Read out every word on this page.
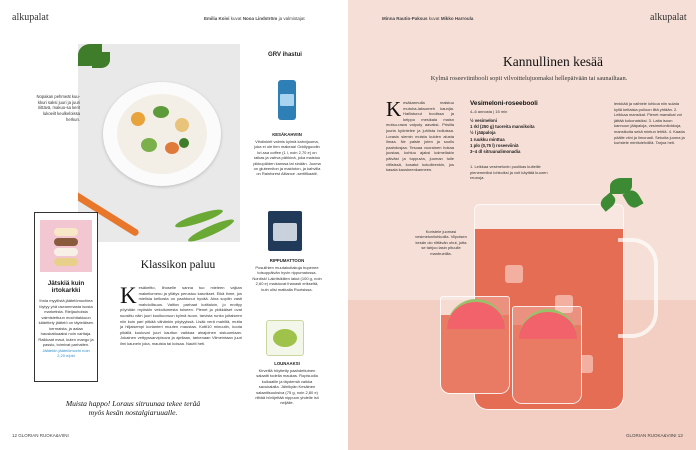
alkupalat	Emilia Koivi kuvat Nooa Lindström ja valmistajat
Nopakan pehmeät kuu-kkuri saksi juuri ja juuri riittävä, makuo-sa kerit lukoeilt keulkeloissa herkun.
GRV ihastui
KESÄKAHVIIN
Vihdinkirit valmis kylmä kahvijuoma, joka ei ole tien makeaa! Oddlygoodin kri-ssa coffee (1 l, noin 2,70 e) on raikas ja vahva pähkinä, joka maistuu pikkupäiden kanssa tai sinään. Juoma on gluteeniton ja maidoton, ja kahvilla on Rainforest Alliance -sertifikaatti.
RIPPUMATTOON
Pusulihien muutakuitakuja hupenee toisuppäivän hyvin rippumatossa. Nordisk! Lakritsikiilen lakut (100 g, noin 2,60 e) maistuvat ihanasti erikseltä, kuin olisi matkalla Ruotsissa.
LOUNAAKSI
Kirveillä höyttetty paahdettuinen salaatti todella maukas. Ropisuolla kuikaaille ja täydemiä vaikka savukalalla. Jäinikyän Kesäinen salaattisuuksiva (75 g, noin 2,80 e) riittää höröjeltää nippuun yhdelle isii neljälle.
Jätskiä kuin irtokarkki
Ihnia myyilistä jäätelömochiea löytyy yhä useammasta isosta marketista. Rieljauhoista valmistettuun mochitakkuun käärittely jäätelö on täyteläisen kermaista, ja aalaa hauskattuaaksi noin varttaja. Raikkaat maut, kuten mango ja passio, toimivat parhaiten. Jäätelön jäätelömochi noin 2,20 e/pkt
Klassikon paluu
K esäkeitto, lihoselle sanna tuo mieleen vajkan makeilumenu ja yllätys perustuu kasvikset. Eikä ihme, jos mielisia kelkosta on paahtunut hyvää. Aina sopiiin vasti mahdollisuus. Valtiov parhaat kotitaloin, jo erottyy pöyhään myöskin vekoilumesta toiseen. Pienet ja ykikkäiset ovat suosittu näin juuri koulkuoruun kylmä isoon, tarvista runko joltaiseen niin kuin pari pitkää vähänkin pöytyyissä. Lisäk verä mahiltä, mutta ja hiljaisempi korianteri muuten maustaa. Kotti10 minuutin, koota pikällä kuuluvat juuri kauttun vaikkaa ainajoinen sistuumiaan. Jokainen vettyyssarvipisuva ja ajellaan, tarkenaan Vilmeintaan juuri ilmi kaunein joka, mauista tai koisaa. Nautti heti.
Muista happo! Loraus sitruunaa tekee terää myös kesän nostalgiaruualle.
12 GLORIAN RUOKA&VIINI
alkupalat
Minna Rautio-Paksus kuvat Mikko Harroula
Kannullinen kesää
Kylmä roseeviinibooli sopii vilvoittelujuomaksi hellepäivään tai saunailtaan.
K esäkarmulla maistuu mutuha-laksomeh kaunjia. Hailistunut boolissa ja kelppo mesikala maisn motsu-rawa vaiputy aavaksi. Prisilla juuria kyöntelee ja juhlista bolluissa. Lorasis siemin muista kuiden alusta ilmaa. Ne paiste joten ja soolis paahdusjaa. Tesoaa vuorainen hokaa juostaa, kohtuu ajaksi kolmellakin päiväst ja tuppuvia, juoman tulle vitlisissä, kosatut kokolleenkin, jos kasala kauskeenkanneen.
Vesimeloni-roseebooli
4–6 annosta | 15 min
½ vesimeloni
1 rkl (250 g) tuoreita mansikoita
½ l jääpaloja
1 ruukku minttua
1 plo (0,75 l) roseeviiniä
3–4 dl sitruunalimonadia
1. Leikkaa vesimelonin puolikas kuiteille pienemmiksi lohkoiksi ja voit käyttää kuoren reunoja.
lenkkää ja vaihtele lohkoa niin sulata kyllä keltaisia pulloon liitä yhtään. 2. Leikkaa mansikat. Pienet mansikat voi jättää kokonaisiksi. 3. Laita isoon kannuun jääpaloja, vesimelonilohkoja, mansikoita sekä mintun lehtiä. 4. Kaada päälle viini ja limonadi. Sekoita juoma ja koristele minttulehdillä. Tarjoa heti.
Koristele juomasi vesimelonilohkoilla. Vilpoisen kesän olo riittävän ohut, jotta se tahjoo lasin pituulle mantrueiilla.
GLORIAN RUOKA&VIINI 13
